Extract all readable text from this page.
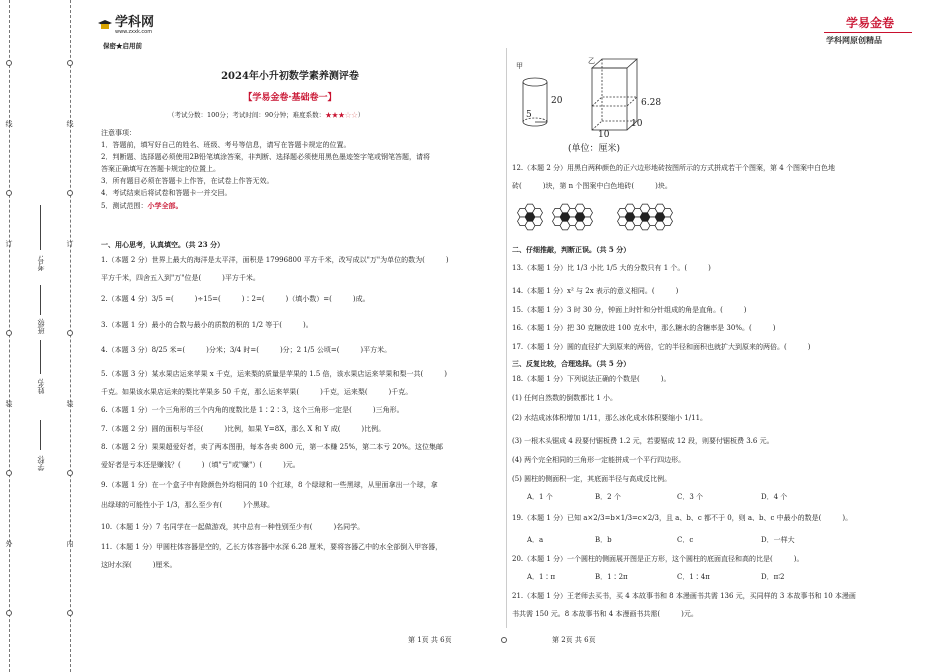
线
订
装
外
学校:
姓名:
班级:
考号:
线
订
装
内
学科网
www.zxxk.com
保密★启用前
学易金卷
学科网原创精品
2024年小升初数学素养测评卷
【学易金卷·基础卷一】
（考试分数：100分；考试时间：90分钟；难度系数：★★★☆☆）
注意事项：
1．答题前，填写好自己的姓名、班级、考号等信息，请写在答题卡规定的位置。
2．判断题、选择题必须使用2B铅笔填涂答案，非判断、选择题必须使用黑色墨迹签字笔或钢笔答题，请将
答案正确填写在答题卡规定的位置上。
3．所有题目必须在答题卡上作答，在试卷上作答无效。
4．考试结束后将试卷和答题卡一并交回。
5．测试范围：小学全部。
一、用心思考，认真填空。（共 23 分）
1.（本题 2 分）世界上最大的海洋是太平洋，面积是 17996800 平方千米，改写成以"万"为单位的数为(　　　)
平方千米，四舍五入到"万"位是(　　　)平方千米。
2.（本题 4 分）3/5 =(　　　)÷15=(　　　)∶2=(　　　)（填小数）=(　　　)成。
3.（本题 1 分）最小的合数与最小的质数的积的 1/2 等于(　　　)。
4.（本题 3 分）8/25 米=(　　　)分米；3/4 时=(　　　)分；2 1/5 公顷=(　　　)平方米。
5.（本题 3 分）某水果店运来苹果 x 千克，运来梨的质量是苹果的 1.5 倍，该水果店运来苹果和梨一共(　　　)
千克。如果该水果店运来的梨比苹果多 50 千克，那么运来苹果(　　　)千克，运来梨(　　　)千克。
6.（本题 1 分）一个三角形的三个内角的度数比是 1∶2∶3，这个三角形一定是(　　　)三角形。
7.（本题 2 分）圆的面积与半径(　　　)比例，如果 Y=8X，那么 X 和 Y 成(　　　)比例。
8.（本题 2 分）果果超爱好者，卖了两本图册，每本各卖 800 元，第一本赚 25%，第二本亏 20%。这位集邮
爱好者是亏本还是赚钱？(　　　)（填"亏"或"赚"）(　　　)元。
9.（本题 1 分）在一个盒子中有除颜色外均相同的 10 个红球，8 个绿球和一些黑球，从里面拿出一个球，拿
出绿球的可能性小于 1/3，那么至少有(　　　)个黑球。
10.（本题 1 分）7 名同学在一起做游戏，其中总有一种性别至少有(　　　)名同学。
11.（本题 1 分）甲圆柱体容器是空的，乙长方体容器中水深 6.28 厘米，要将容器乙中的水全部倒入甲容器，
这时水深(　　　)厘米。
甲
乙
20
5
6.28
10
10
(单位：厘米)
12.（本题 2 分）用黑白两种颜色的正六边形地砖按图所示的方式拼成若干个图案，第 4 个图案中白色地
砖(　　　)块，第 n 个图案中白色地砖(　　　)块。
二、仔细推敲，判断正误。（共 5 分）
13.（本题 1 分）比 1/3 小比 1/5 大的分数只有 1 个。(　　　)
14.（本题 1 分）x² 与 2x 表示的意义相同。(　　　)
15.（本题 1 分）3 时 30 分，钟面上时针和分针组成的角是直角。(　　　)
16.（本题 1 分）把 30 克糖放进 100 克水中，那么糖水的含糖率是 30%。(　　　)
17.（本题 1 分）圆的直径扩大到原来的两倍，它的半径和面积也就扩大到原来的两倍。(　　　)
三、反复比较，合理选择。（共 5 分）
18.（本题 1 分）下列说法正确的个数是(　　　)。
(1) 任何自然数的倒数都比 1 小。
(2) 水结成冰体积增加 1/11，那么冰化成水体积要缩小 1/11。
(3) 一根木头锯成 4 段要付锯板费 1.2 元，若要锯成 12 段，则要付锯板费 3.6 元。
(4) 两个完全相同的三角形一定能拼成一个平行四边形。
(5) 圆柱的侧面积一定，其底面半径与高成反比例。
A．1 个	B．2 个	C．3 个	D．4 个
19.（本题 1 分）已知 a×2/3=b×1/3=c×2/3，且 a、b、c 都不于 0，则 a、b、c 中最小的数是(　　　)。
A．a	B．b	C．c	D．一样大
20.（本题 1 分）一个圆柱的侧面展开图是正方形，这个圆柱的底面直径和高的比是(　　　)。
A．1∶π	B．1∶2π	C．1∶4π	D．π∶2
21.（本题 1 分）王老师去买书，买 4 本故事书和 8 本漫画书共需 136 元，买同样的 3 本故事书和 10 本漫画
书共需 150 元。8 本故事书和 4 本漫画书共需(　　　)元。
第 1页 共 6页	第 2页 共 6页
